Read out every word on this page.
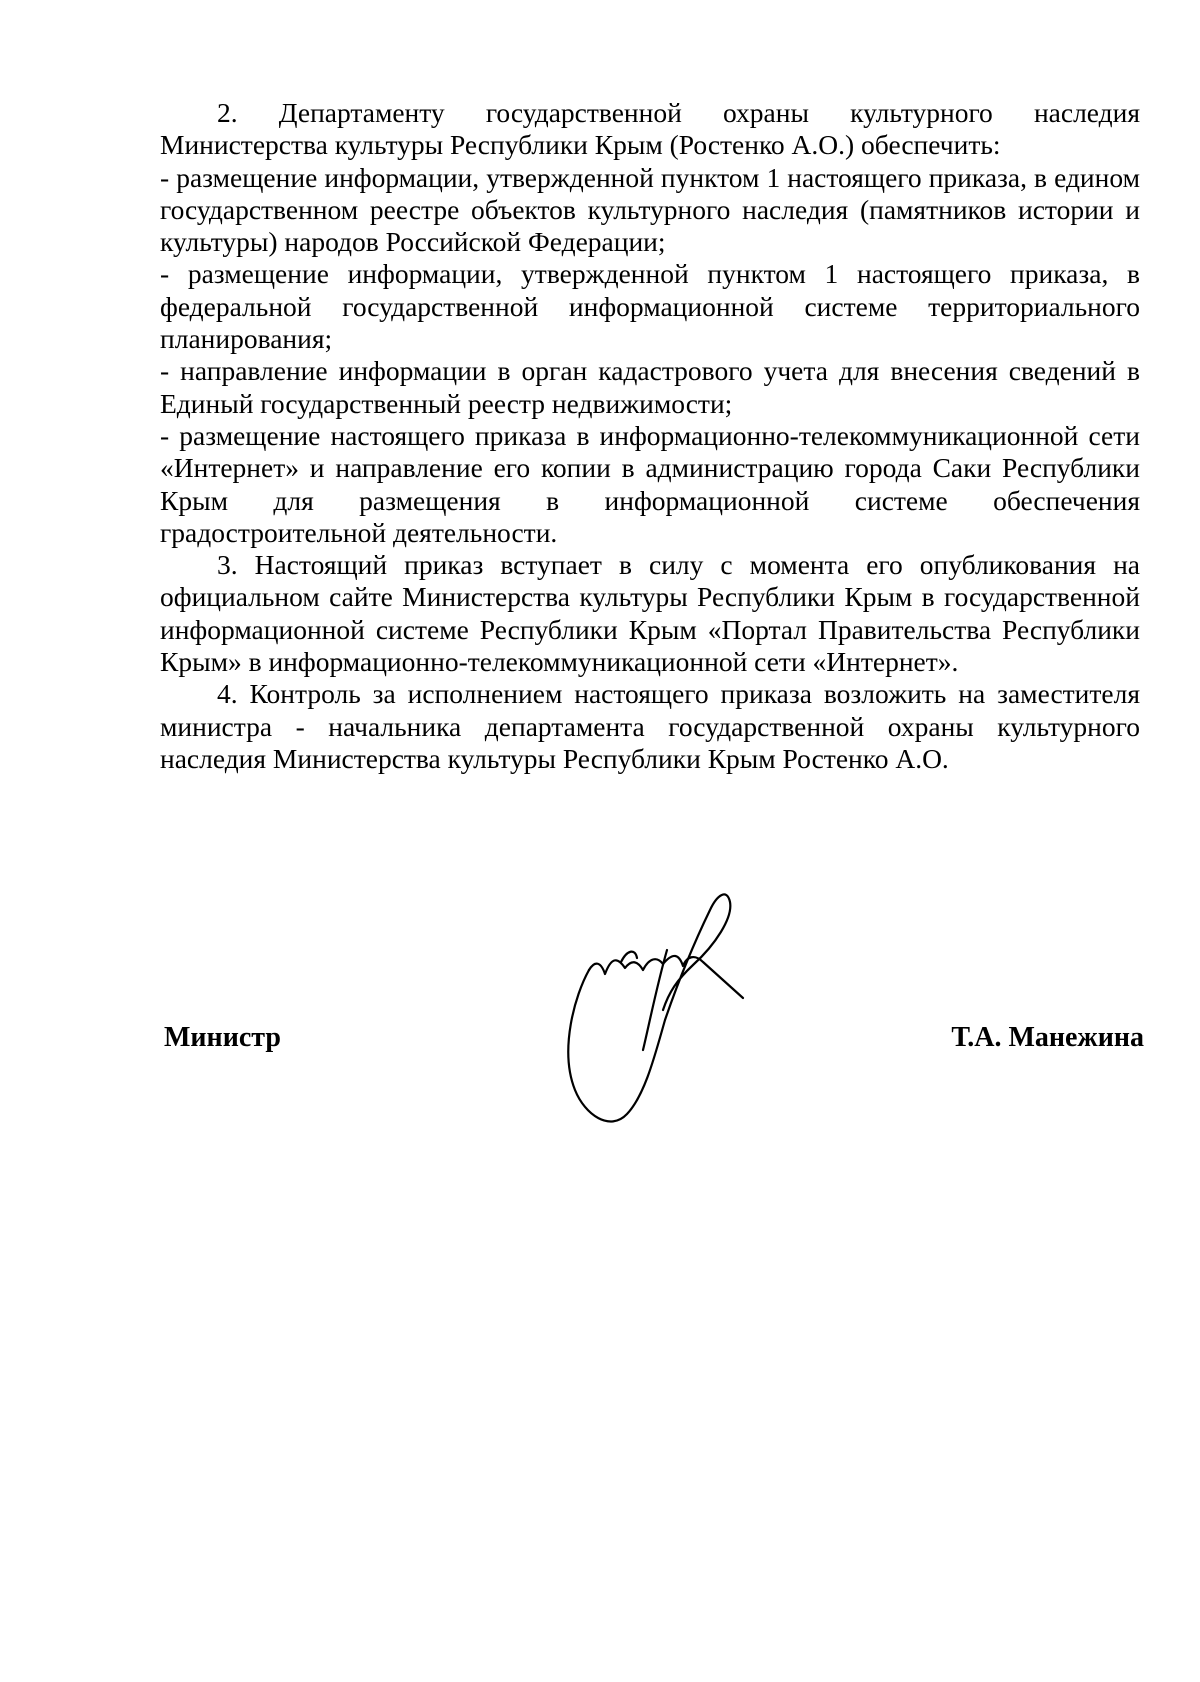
2. Департаменту государственной охраны культурного наследия Министерства культуры Республики Крым (Ростенко А.О.) обеспечить:

- размещение информации, утвержденной пунктом 1 настоящего приказа, в едином государственном реестре объектов культурного наследия (памятников истории и культуры) народов Российской Федерации;

- размещение информации, утвержденной пунктом 1 настоящего приказа, в федеральной государственной информационной системе территориального планирования;

- направление информации в орган кадастрового учета для внесения сведений в Единый государственный реестр недвижимости;

- размещение настоящего приказа в информационно-телекоммуникационной сети «Интернет» и направление его копии в администрацию города Саки Республики Крым для размещения в информационной системе обеспечения градостроительной деятельности.

3. Настоящий приказ вступает в силу с момента его опубликования на официальном сайте Министерства культуры Республики Крым в государственной информационной системе Республики Крым «Портал Правительства Республики Крым» в информационно-телекоммуникационной сети «Интернет».

4. Контроль за исполнением настоящего приказа возложить на заместителя министра - начальника департамента государственной охраны культурного наследия Министерства культуры Республики Крым Ростенко А.О.

Министр	Т.А. Манежина
